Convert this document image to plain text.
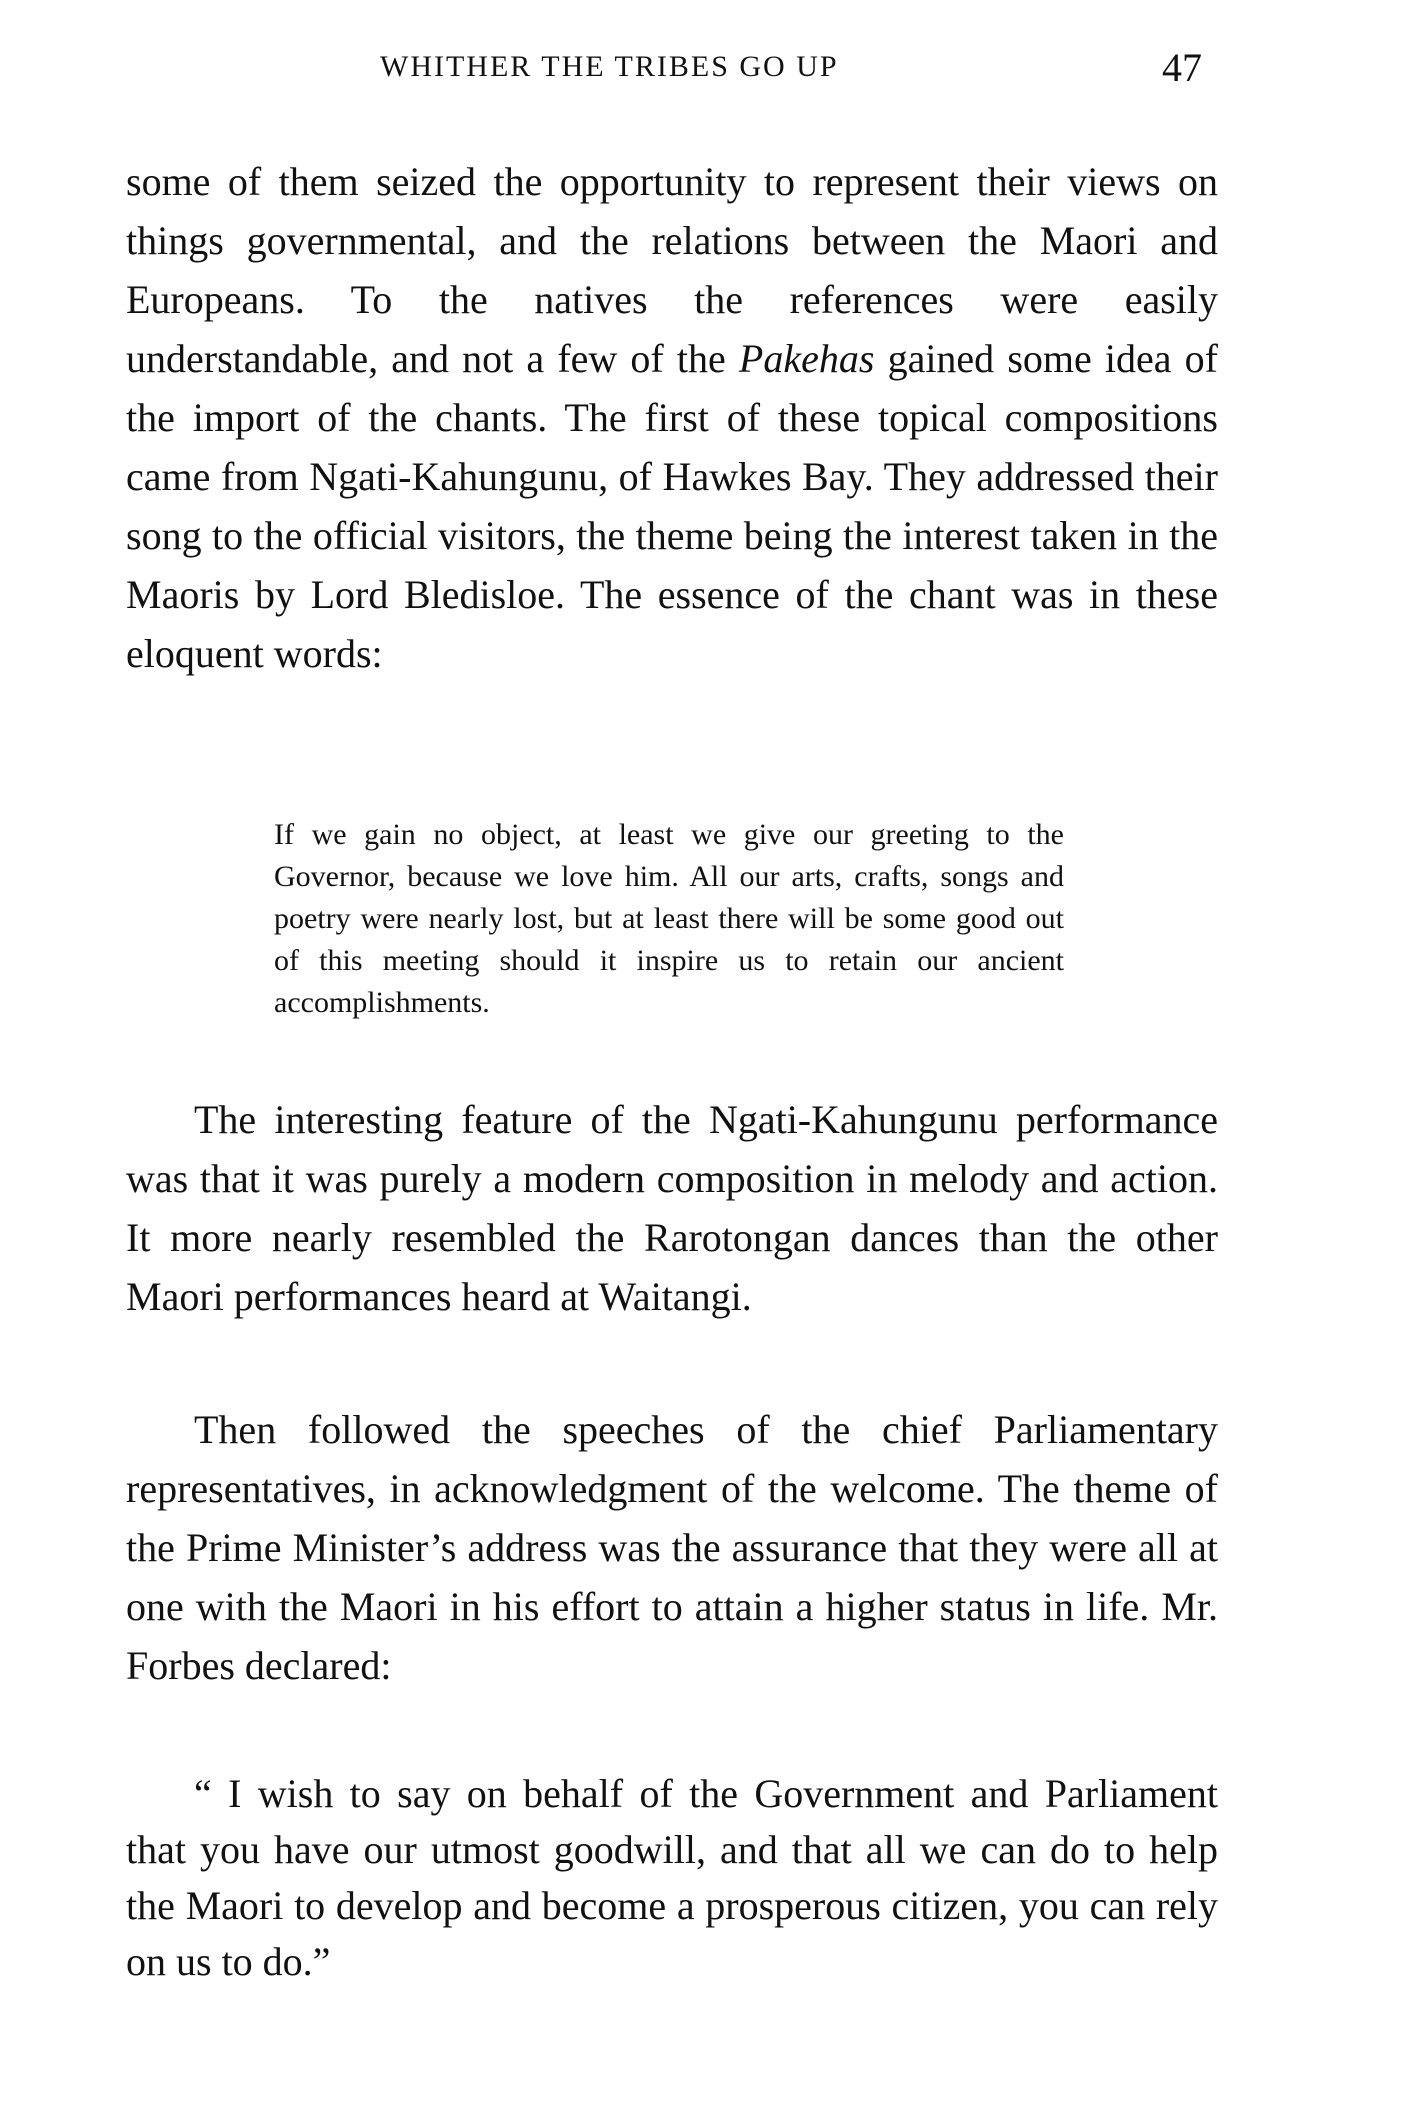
WHITHER THE TRIBES GO UP	47

some of them seized the opportunity to represent their views on things governmental, and the relations between the Maori and Europeans. To the natives the references were easily understandable, and not a few of the Pakehas gained some idea of the import of the chants. The first of these topical compositions came from Ngati-Kahungunu, of Hawkes Bay. They addressed their song to the official visitors, the theme being the interest taken in the Maoris by Lord Bledisloe. The essence of the chant was in these eloquent words:

If we gain no object, at least we give our greeting to the Governor, because we love him. All our arts, crafts, songs and poetry were nearly lost, but at least there will be some good out of this meeting should it inspire us to retain our ancient accomplishments.

The interesting feature of the Ngati-Kahungunu performance was that it was purely a modern composition in melody and action. It more nearly resembled the Rarotongan dances than the other Maori performances heard at Waitangi.

Then followed the speeches of the chief Parliamentary representatives, in acknowledgment of the welcome. The theme of the Prime Minister’s address was the assurance that they were all at one with the Maori in his effort to attain a higher status in life. Mr. Forbes declared:

“ I wish to say on behalf of the Government and Parliament that you have our utmost goodwill, and that all we can do to help the Maori to develop and become a prosperous citizen, you can rely on us to do.”
